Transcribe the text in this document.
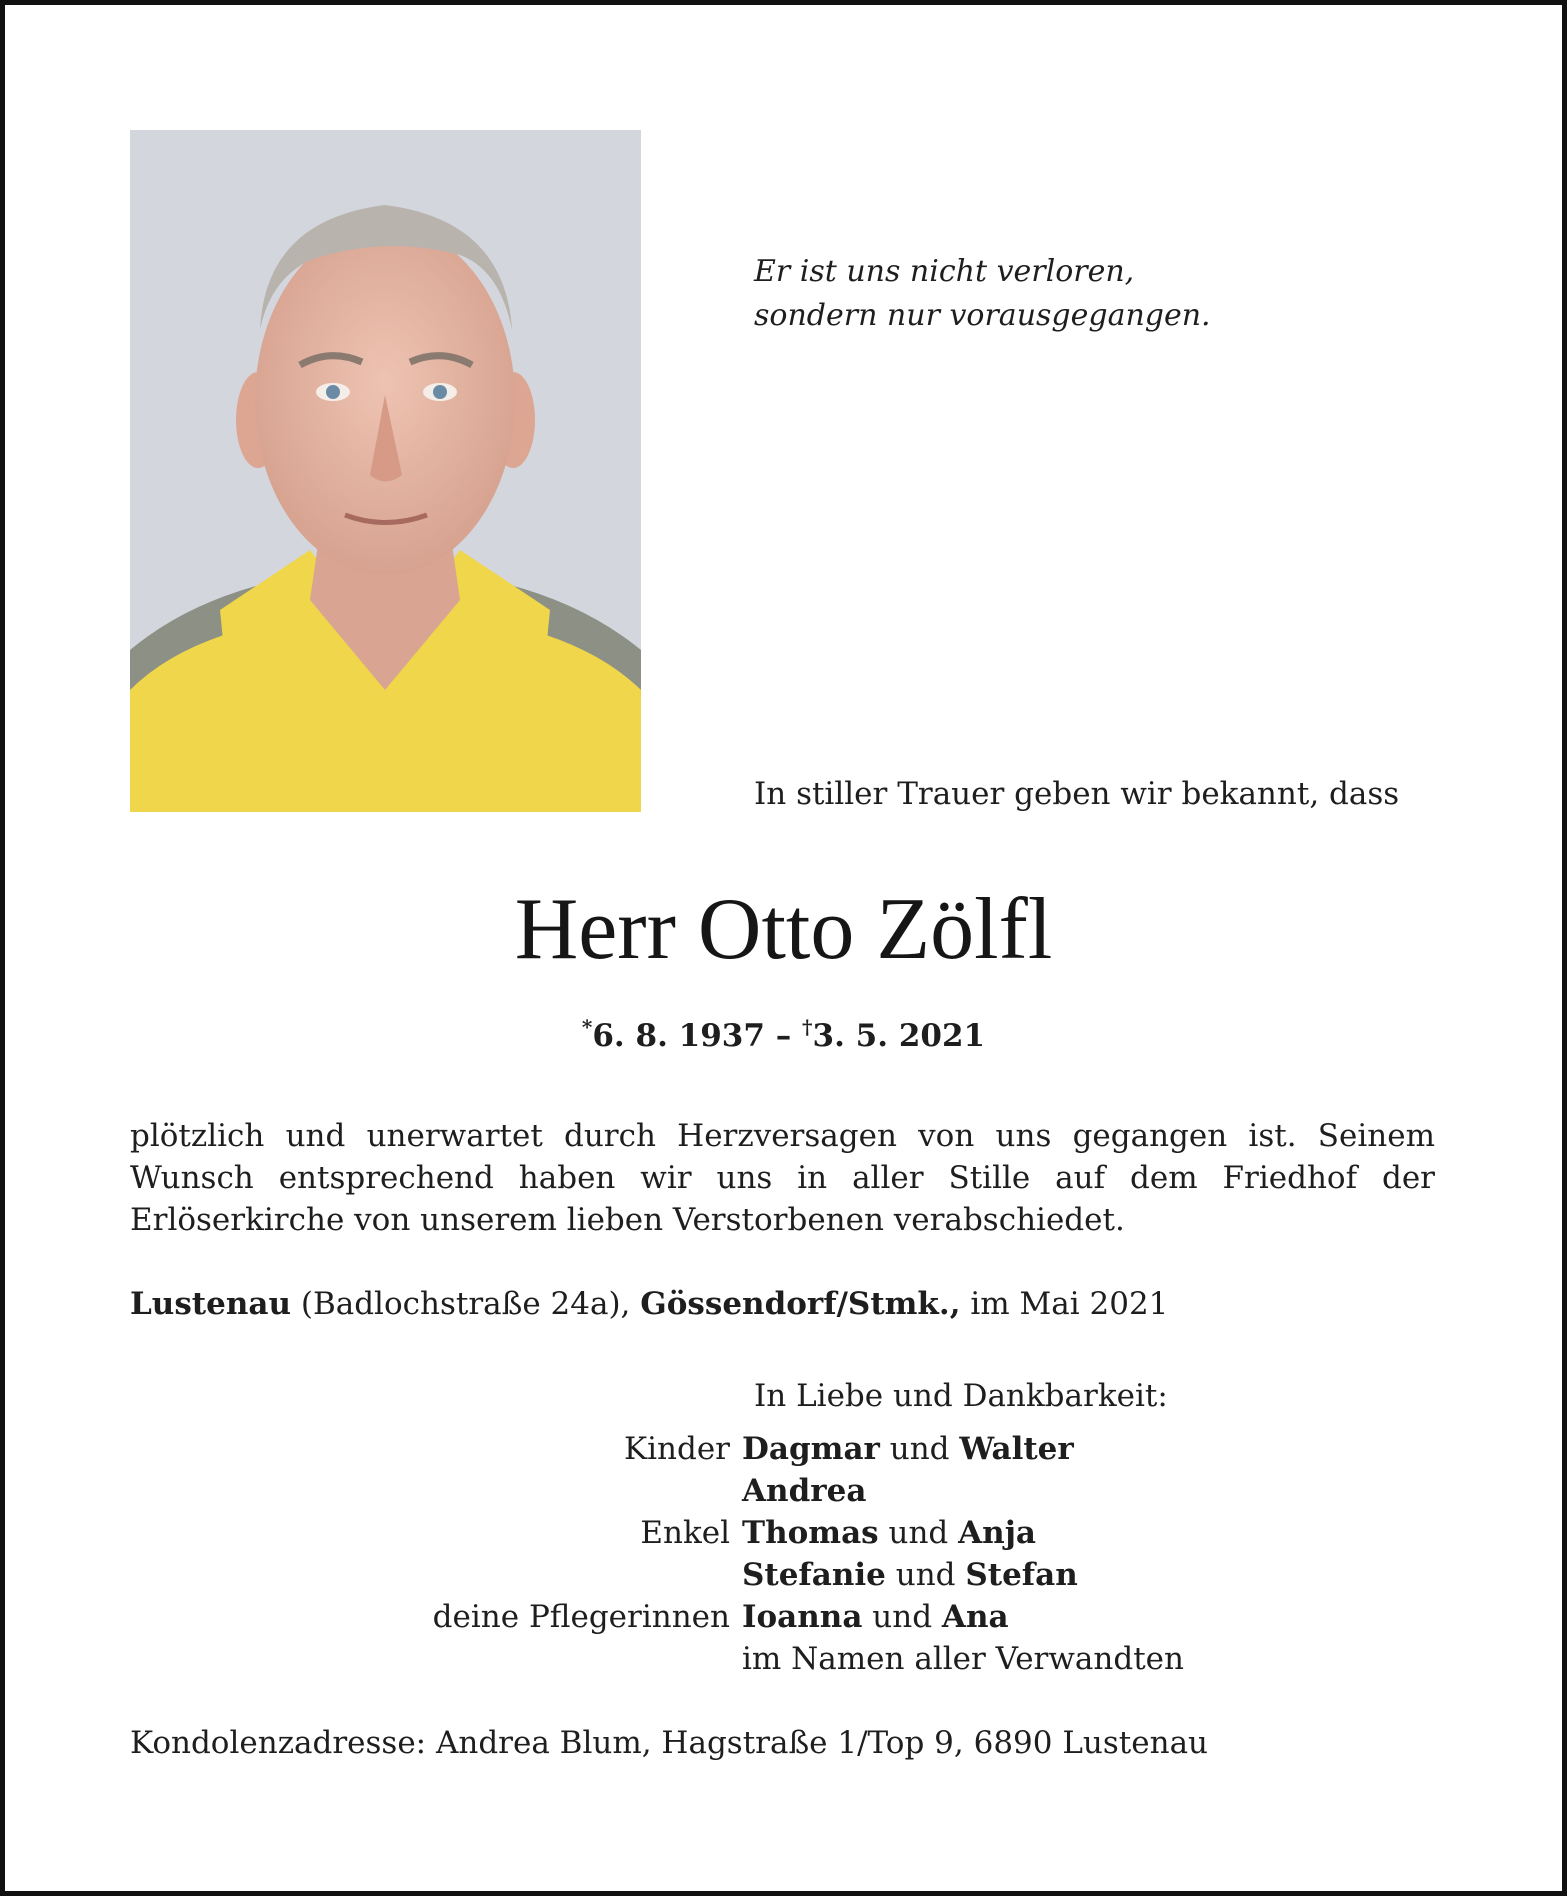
Er ist uns nicht verloren,
sondern nur vorausgegangen.
In stiller Trauer geben wir bekannt, dass
Herr Otto Zölfl
*6. 8. 1937 – †3. 5. 2021
plötzlich und unerwartet durch Herzversagen von uns gegangen ist. Seinem Wunsch entsprechend haben wir uns in aller Stille auf dem Friedhof der Erlöserkirche von unserem lieben Verstorbenen verabschiedet.
Lustenau (Badlochstraße 24a), Gössendorf/Stmk., im Mai 2021
In Liebe und Dankbarkeit:
Kinder Dagmar und Walter
Andrea
Enkel Thomas und Anja
Stefanie und Stefan
deine Pflegerinnen Ioanna und Ana
im Namen aller Verwandten
Kondolenzadresse: Andrea Blum, Hagstraße 1/Top 9, 6890 Lustenau
